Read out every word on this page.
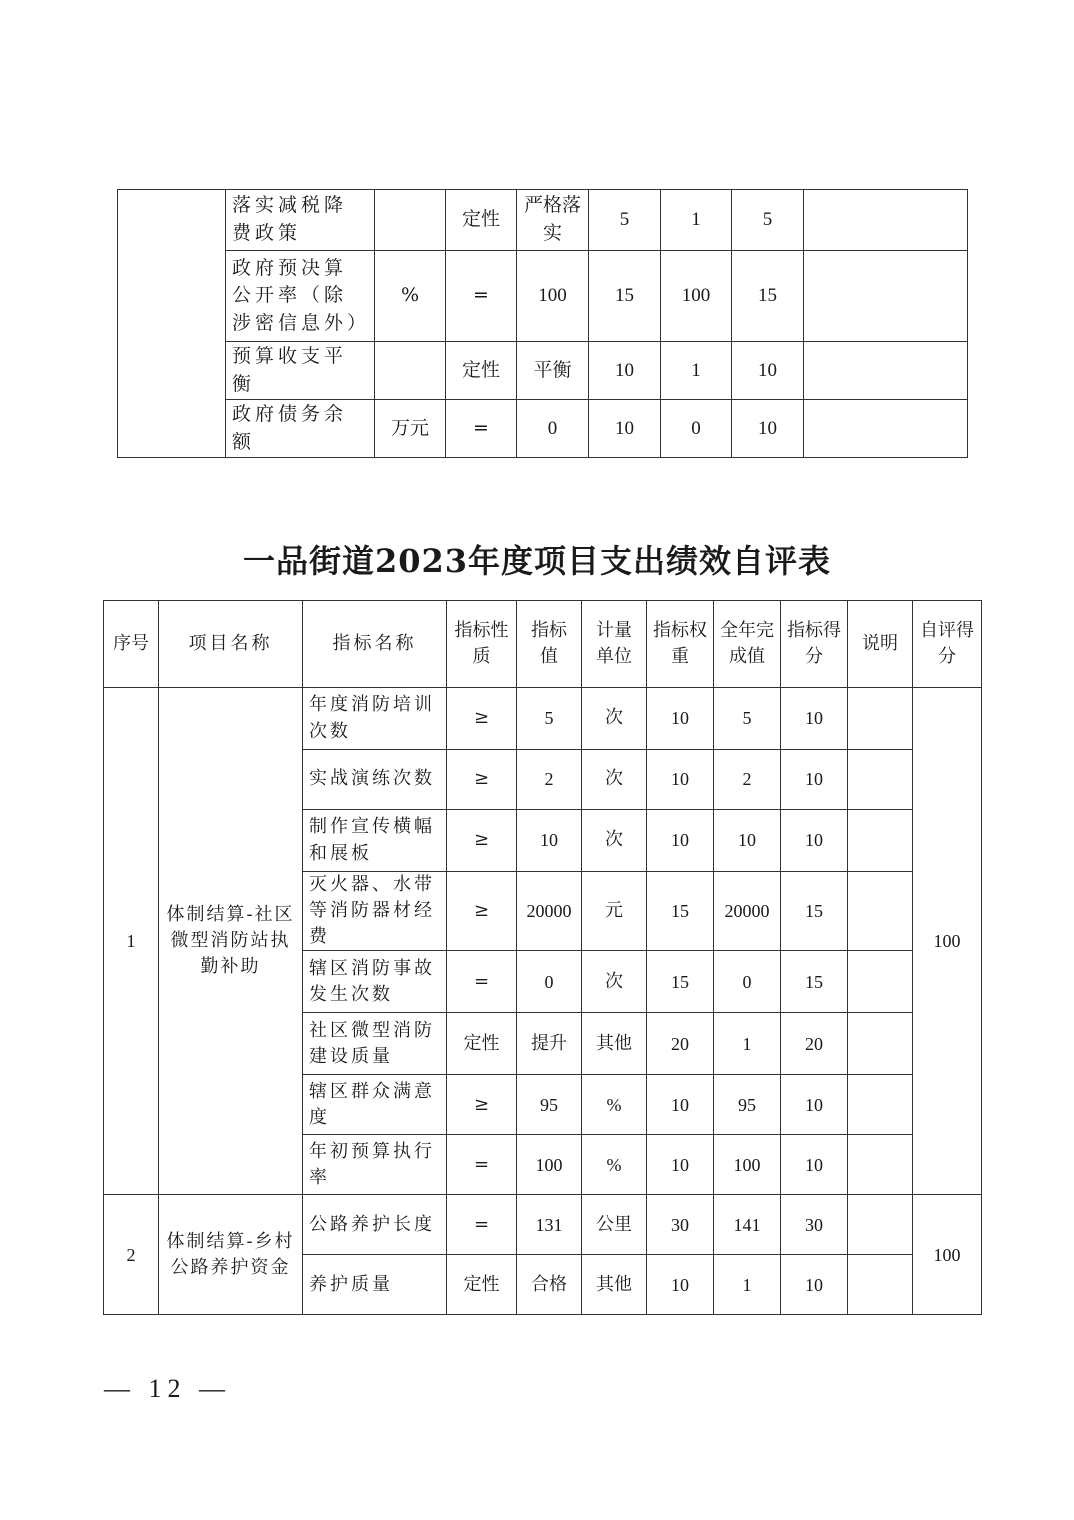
	落实减税降费政策		定性	严格落实	5	1	5	
	政府预决算公开率（除涉密信息外）	%	=	100	15	100	15	
	预算收支平衡		定性	平衡	10	1	10	
	政府债务余额	万元	=	0	10	0	10	
一品街道2023年度项目支出绩效自评表
序号	项目名称	指标名称	指标性质	指标值	计量单位	指标权重	全年完成值	指标得分	说明	自评得分
1	体制结算-社区微型消防站执勤补助	年度消防培训次数	≥	5	次	10	5	10		100
		实战演练次数	≥	2	次	10	2	10		
		制作宣传横幅和展板	≥	10	次	10	10	10		
		灭火器、水带等消防器材经费	≥	20000	元	15	20000	15		
		辖区消防事故发生次数	=	0	次	15	0	15		
		社区微型消防建设质量	定性	提升	其他	20	1	20		
		辖区群众满意度	≥	95	%	10	95	10		
		年初预算执行率	=	100	%	10	100	10		
2	体制结算-乡村公路养护资金	公路养护长度	=	131	公里	30	141	30		100
		养护质量	定性	合格	其他	10	1	10		
— 12 —
